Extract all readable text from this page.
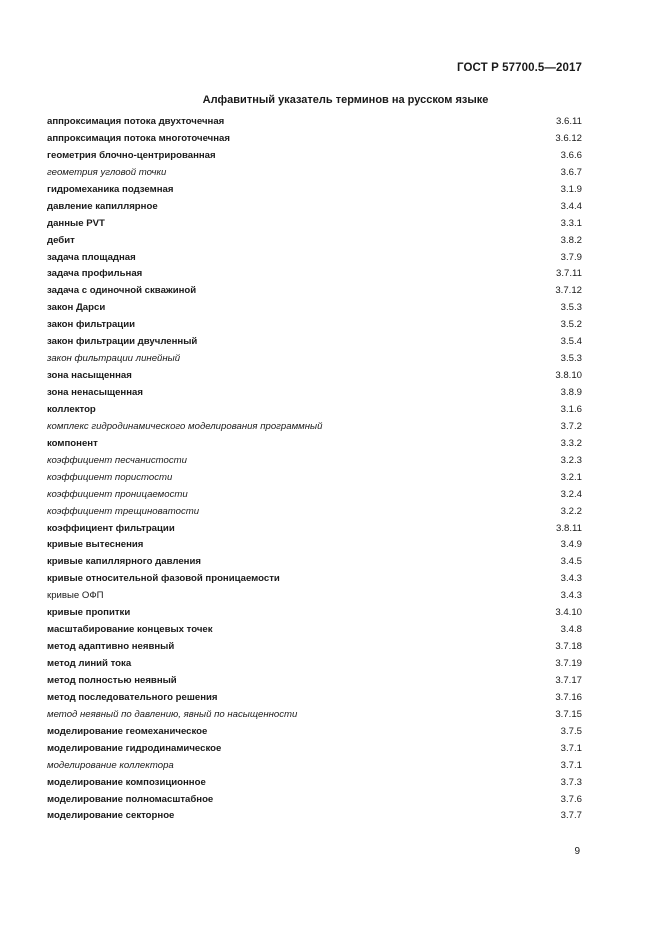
ГОСТ Р 57700.5—2017
Алфавитный указатель терминов на русском языке
аппроксимация потока двухточечная	3.6.11
аппроксимация потока многоточечная	3.6.12
геометрия блочно-центрированная	3.6.6
геометрия угловой точки	3.6.7
гидромеханика подземная	3.1.9
давление капиллярное	3.4.4
данные PVT	3.3.1
дебит	3.8.2
задача площадная	3.7.9
задача профильная	3.7.11
задача с одиночной скважиной	3.7.12
закон Дарси	3.5.3
закон фильтрации	3.5.2
закон фильтрации двучленный	3.5.4
закон фильтрации линейный	3.5.3
зона насыщенная	3.8.10
зона ненасыщенная	3.8.9
коллектор	3.1.6
комплекс гидродинамического моделирования программный	3.7.2
компонент	3.3.2
коэффициент песчанистости	3.2.3
коэффициент пористости	3.2.1
коэффициент проницаемости	3.2.4
коэффициент трещиноватости	3.2.2
коэффициент фильтрации	3.8.11
кривые вытеснения	3.4.9
кривые капиллярного давления	3.4.5
кривые относительной фазовой проницаемости	3.4.3
кривые ОФП	3.4.3
кривые пропитки	3.4.10
масштабирование концевых точек	3.4.8
метод адаптивно неявный	3.7.18
метод линий тока	3.7.19
метод полностью неявный	3.7.17
метод последовательного решения	3.7.16
метод неявный по давлению, явный по насыщенности	3.7.15
моделирование геомеханическое	3.7.5
моделирование гидродинамическое	3.7.1
моделирование коллектора	3.7.1
моделирование композиционное	3.7.3
моделирование полномасштабное	3.7.6
моделирование секторное	3.7.7
9
